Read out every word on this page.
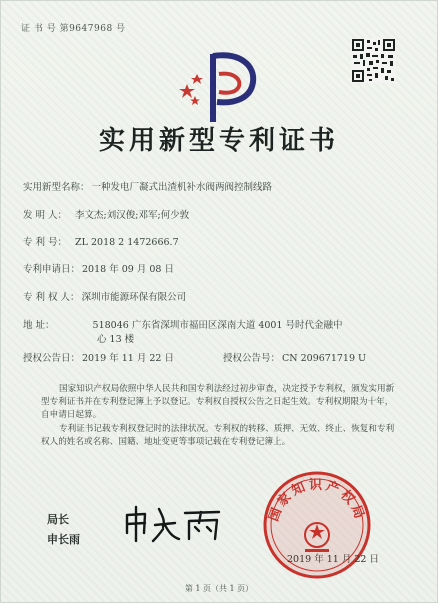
证 书 号 第9647968 号
实用新型专利证书
实用新型名称： 一种发电厂凝式出渣机补水阀两阀控制线路
发 明 人： 李文杰;刘汉俊;邓军;何少敦
专 利 号： ZL 2018 2 1472666.7
专利申请日： 2018 年 09 月 08 日
专 利 权 人： 深圳市能源环保有限公司
地 址：	518046 广东省深圳市福田区深南大道 4001 号时代金融中
心 13 楼
授权公告日： 2019 年 11 月 22 日	授权公告号： CN 209671719 U

国家知识产权局依照中华人民共和国专利法经过初步审查，决定授予专利权，颁发实用新型专利证书并在专利登记簿上予以登记。专利权自授权公告之日起生效。专利权期限为十年，自申请日起算。

专利证书记载专利权登记时的法律状况。专利权的转移、质押、无效、终止、恢复和专利权人的姓名或名称、国籍、地址变更等事项记载在专利登记簿上。

局长
申长雨
国家知识产权局
2019 年 11 月 22 日
第 1 页（共 1 页）
